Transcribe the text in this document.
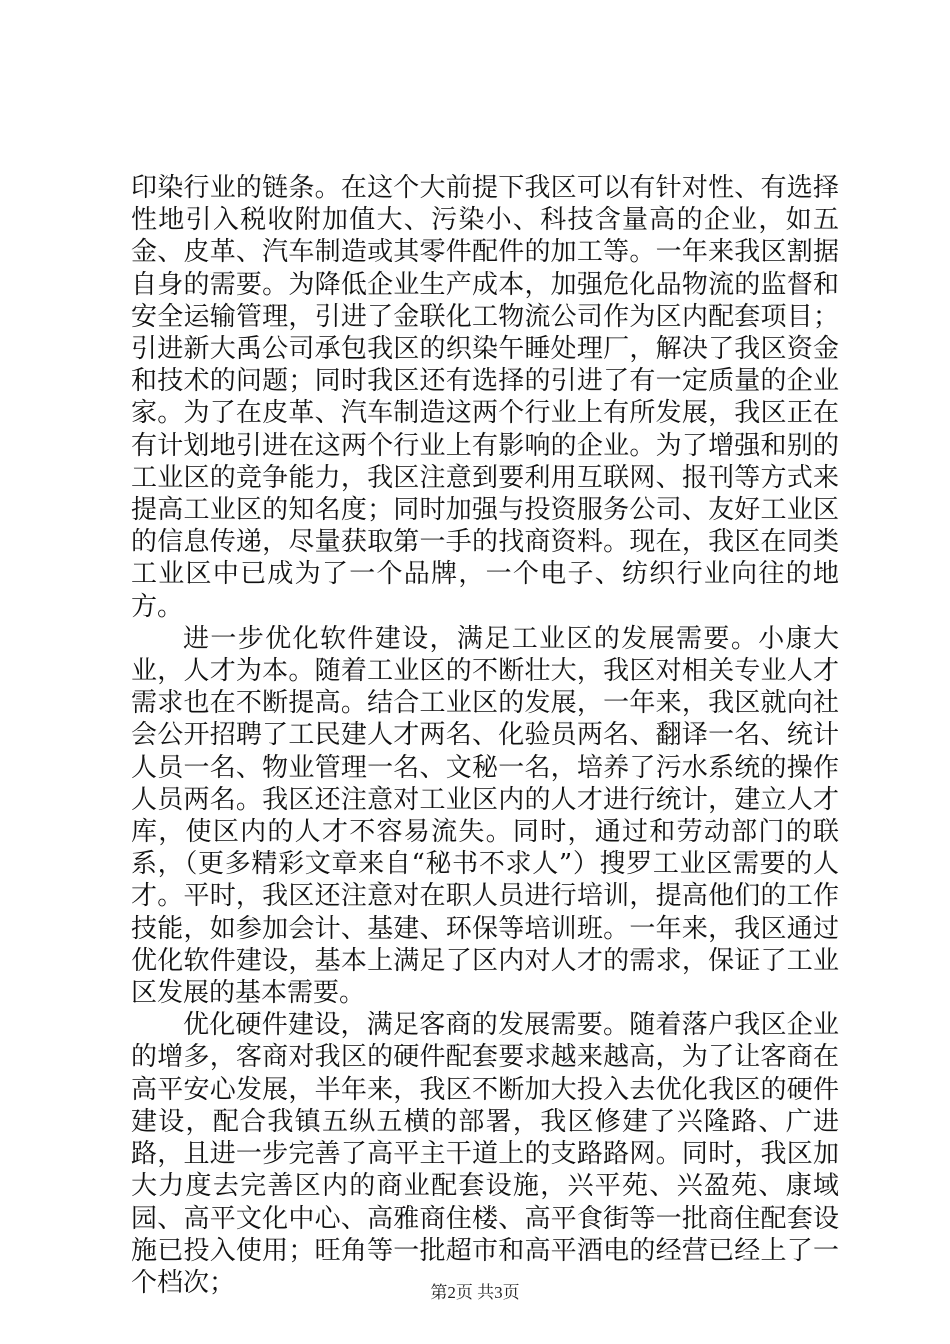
印染行业的链条。在这个大前提下我区可以有针对性、有选择性地引入税收附加值大、污染小、科技含量高的企业，如五金、皮革、汽车制造或其零件配件的加工等。一年来我区割据自身的需要。为降低企业生产成本，加强危化品物流的监督和安全运输管理，引进了金联化工物流公司作为区内配套项目；引进新大禹公司承包我区的织染午睡处理厂，解决了我区资金和技术的问题；同时我区还有选择的引进了有一定质量的企业家。为了在皮革、汽车制造这两个行业上有所发展，我区正在有计划地引进在这两个行业上有影响的企业。为了增强和别的工业区的竞争能力，我区注意到要利用互联网、报刊等方式来提高工业区的知名度；同时加强与投资服务公司、友好工业区的信息传递，尽量获取第一手的找商资料。现在，我区在同类工业区中已成为了一个品牌，一个电子、纺织行业向往的地方。

进一步优化软件建设，满足工业区的发展需要。小康大业，人才为本。随着工业区的不断壮大，我区对相关专业人才需求也在不断提高。结合工业区的发展，一年来，我区就向社会公开招聘了工民建人才两名、化验员两名、翻译一名、统计人员一名、物业管理一名、文秘一名，培养了污水系统的操作人员两名。我区还注意对工业区内的人才进行统计，建立人才库，使区内的人才不容易流失。同时，通过和劳动部门的联系，（更多精彩文章来自“秘书不求人”）搜罗工业区需要的人才。平时，我区还注意对在职人员进行培训，提高他们的工作技能，如参加会计、基建、环保等培训班。一年来，我区通过优化软件建设，基本上满足了区内对人才的需求，保证了工业区发展的基本需要。

优化硬件建设，满足客商的发展需要。随着落户我区企业的增多，客商对我区的硬件配套要求越来越高，为了让客商在高平安心发展，半年来，我区不断加大投入去优化我区的硬件建设，配合我镇五纵五横的部署，我区修建了兴隆路、广进路，且进一步完善了高平主干道上的支路路网。同时，我区加大力度去完善区内的商业配套设施，兴平苑、兴盈苑、康域园、高平文化中心、高雅商住楼、高平食街等一批商住配套设施已投入使用；旺角等一批超市和高平酒电的经营已经上了一个档次；	第2页 共3页
